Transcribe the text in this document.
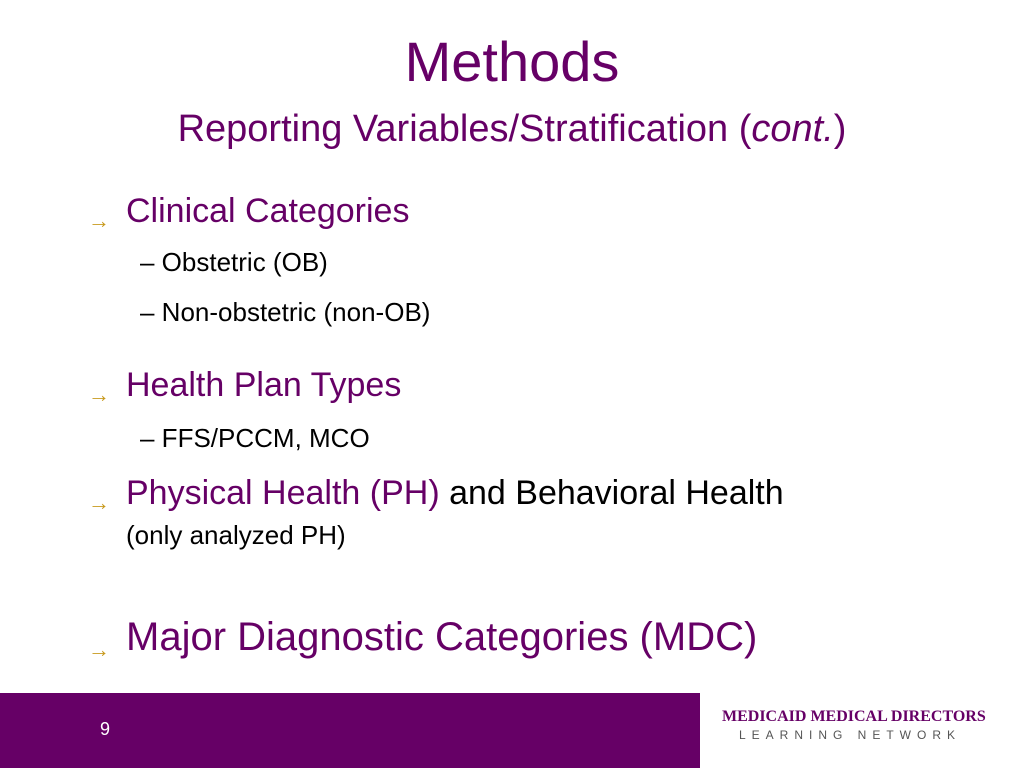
Methods
Reporting Variables/Stratification (cont.)
→ Clinical Categories
– Obstetric (OB)
– Non-obstetric (non-OB)
→ Health Plan Types
– FFS/PCCM, MCO
→ Physical Health (PH) and Behavioral Health
(only analyzed PH)
→ Major Diagnostic Categories (MDC)
9
MEDICAID MEDICAL DIRECTORS
LEARNING NETWORK
